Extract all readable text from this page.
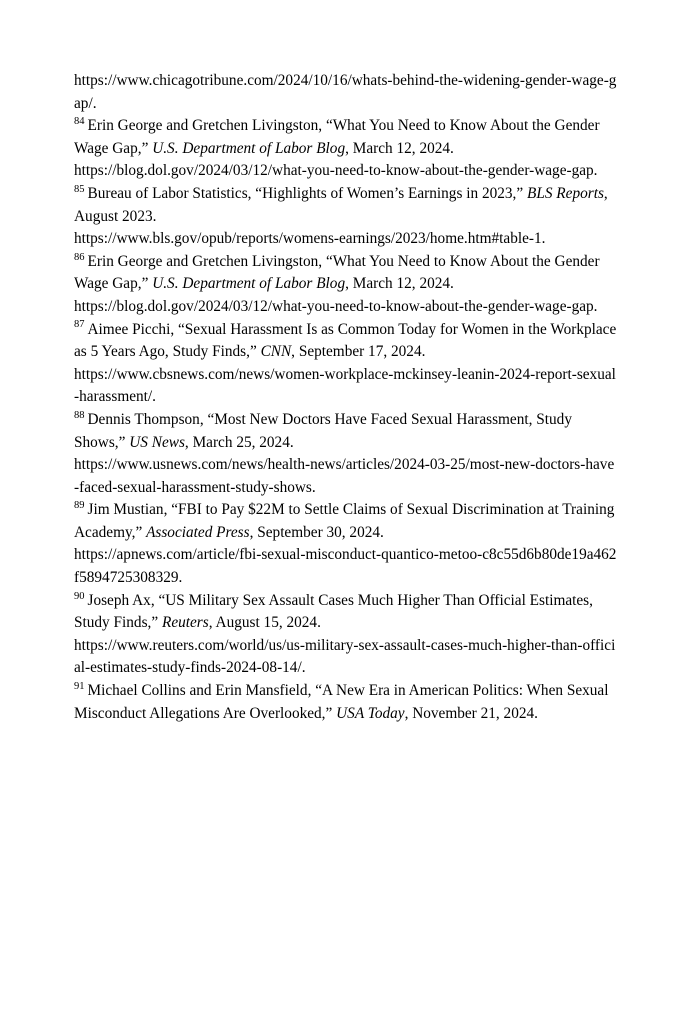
https://www.chicagotribune.com/2024/10/16/whats-behind-the-widening-gender-wage-gap/.

$^{84}$ Erin George and Gretchen Livingston, “What You Need to Know About the Gender Wage Gap,” U.S. Department of Labor Blog, March 12, 2024.

https://blog.dol.gov/2024/03/12/what-you-need-to-know-about-the-gender-wage-gap.

$^{85}$ Bureau of Labor Statistics, “Highlights of Women’s Earnings in 2023,” BLS Reports, August 2023.

https://www.bls.gov/opub/reports/womens-earnings/2023/home.htm#table-1.

$^{86}$ Erin George and Gretchen Livingston, “What You Need to Know About the Gender Wage Gap,” U.S. Department of Labor Blog, March 12, 2024.

https://blog.dol.gov/2024/03/12/what-you-need-to-know-about-the-gender-wage-gap.

$^{87}$ Aimee Picchi, “Sexual Harassment Is as Common Today for Women in the Workplace as 5 Years Ago, Study Finds,” CNN, September 17, 2024.

https://www.cbsnews.com/news/women-workplace-mckinsey-leanin-2024-report-sexual-harassment/.

$^{88}$ Dennis Thompson, “Most New Doctors Have Faced Sexual Harassment, Study Shows,” US News, March 25, 2024.

https://www.usnews.com/news/health-news/articles/2024-03-25/most-new-doctors-have-faced-sexual-harassment-study-shows.

$^{89}$ Jim Mustian, “FBI to Pay $22M to Settle Claims of Sexual Discrimination at Training Academy,” Associated Press, September 30, 2024.

https://apnews.com/article/fbi-sexual-misconduct-quantico-metoo-c8c55d6b80de19a462f5894725308329.

$^{90}$ Joseph Ax, “US Military Sex Assault Cases Much Higher Than Official Estimates, Study Finds,” Reuters, August 15, 2024.

https://www.reuters.com/world/us/us-military-sex-assault-cases-much-higher-than-official-estimates-study-finds-2024-08-14/.

$^{91}$ Michael Collins and Erin Mansfield, “A New Era in American Politics: When Sexual Misconduct Allegations Are Overlooked,” USA Today, November 21, 2024.
